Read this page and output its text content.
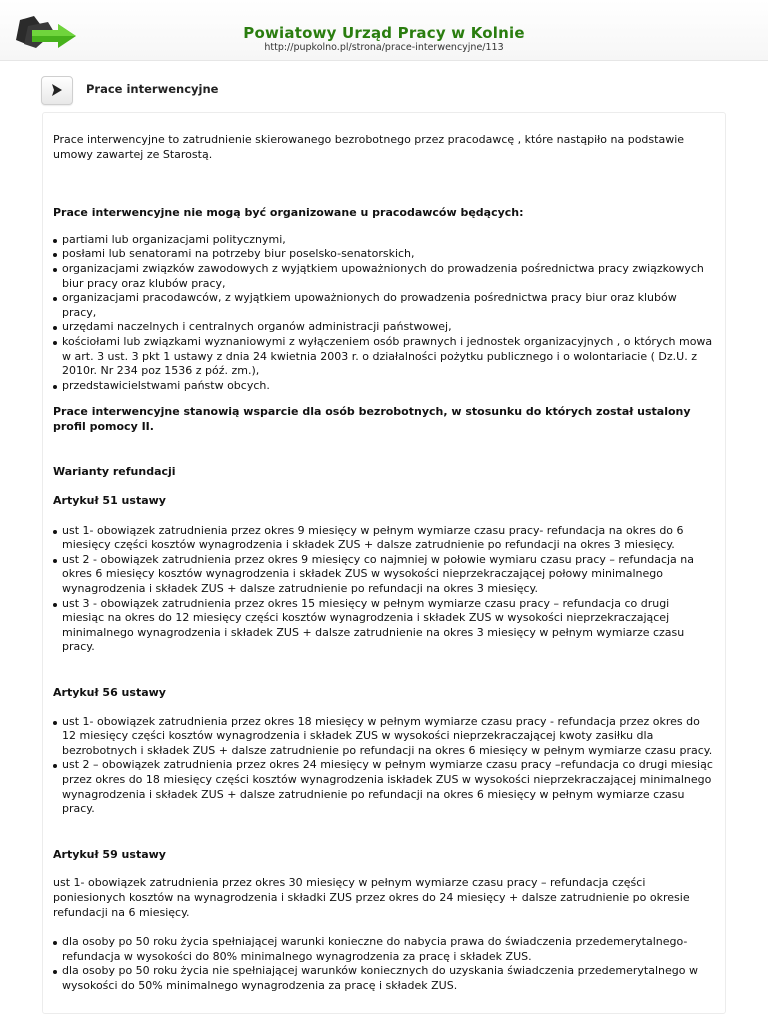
Powiatowy Urząd Pracy w Kolnie
http://pupkolno.pl/strona/prace-interwencyjne/113
Prace interwencyjne

Prace interwencyjne to zatrudnienie skierowanego bezrobotnego przez pracodawcę , które nastąpiło na podstawie umowy zawartej ze Starostą.

Prace interwencyjne nie mogą być organizowane u pracodawców będących:

partiami lub organizacjami politycznymi,
posłami lub senatorami na potrzeby biur poselsko-senatorskich,
organizacjami związków zawodowych z wyjątkiem upoważnionych do prowadzenia pośrednictwa pracy związkowych biur pracy oraz klubów pracy,
organizacjami pracodawców, z wyjątkiem upoważnionych do prowadzenia pośrednictwa pracy biur oraz klubów pracy,
urzędami naczelnych i centralnych organów administracji państwowej,
kościołami lub związkami wyznaniowymi z wyłączeniem osób prawnych i jednostek organizacyjnych , o których mowa w art. 3 ust. 3 pkt 1 ustawy z dnia 24 kwietnia 2003 r. o działalności pożytku publicznego i o wolontariacie ( Dz.U. z 2010r. Nr 234 poz 1536 z póź. zm.),
przedstawicielstwami państw obcych.

Prace interwencyjne stanowią wsparcie dla osób bezrobotnych, w stosunku do których został ustalony profil pomocy II.

Warianty refundacji

Artykuł 51 ustawy

ust 1- obowiązek zatrudnienia przez okres 9 miesięcy w pełnym wymiarze czasu pracy- refundacja na okres do 6 miesięcy części kosztów wynagrodzenia i składek ZUS + dalsze zatrudnienie po refundacji na okres 3 miesięcy.
ust 2 - obowiązek zatrudnienia przez okres 9 miesięcy co najmniej w połowie wymiaru czasu pracy – refundacja na okres 6 miesięcy kosztów wynagrodzenia i składek ZUS w wysokości nieprzekraczającej połowy minimalnego wynagrodzenia i składek ZUS + dalsze zatrudnienie po refundacji na okres 3 miesięcy.
ust 3 - obowiązek zatrudnienia przez okres 15 miesięcy w pełnym wymiarze czasu pracy – refundacja co drugi miesiąc na okres do 12 miesięcy części kosztów wynagrodzenia i składek ZUS w wysokości nieprzekraczającej minimalnego wynagrodzenia i składek ZUS + dalsze zatrudnienie na okres 3 miesięcy w pełnym wymiarze czasu pracy.

Artykuł 56 ustawy

ust 1- obowiązek zatrudnienia przez okres 18 miesięcy w pełnym wymiarze czasu pracy - refundacja przez okres do 12 miesięcy części kosztów wynagrodzenia i składek ZUS w wysokości nieprzekraczającej kwoty zasiłku dla bezrobotnych i składek ZUS + dalsze zatrudnienie po refundacji na okres 6 miesięcy w pełnym wymiarze czasu pracy.
ust 2 – obowiązek zatrudnienia przez okres 24 miesięcy w pełnym wymiarze czasu pracy –refundacja co drugi miesiąc przez okres do 18 miesięcy części kosztów wynagrodzenia iskładek ZUS w wysokości nieprzekraczającej minimalnego wynagrodzenia i składek ZUS + dalsze zatrudnienie po refundacji na okres 6 miesięcy w pełnym wymiarze czasu pracy.

Artykuł 59 ustawy

ust 1- obowiązek zatrudnienia przez okres 30 miesięcy w pełnym wymiarze czasu pracy – refundacja części poniesionych kosztów na wynagrodzenia i składki ZUS przez okres do 24 miesięcy + dalsze zatrudnienie po okresie refundacji na 6 miesięcy.

dla osoby po 50 roku życia spełniającej warunki konieczne do nabycia prawa do świadczenia przedemerytalnego- refundacja w wysokości do 80% minimalnego wynagrodzenia za pracę i składek ZUS.
dla osoby po 50 roku życia nie spełniającej warunków koniecznych do uzyskania świadczenia przedemerytalnego w wysokości do 50% minimalnego wynagrodzenia za pracę i składek ZUS.
